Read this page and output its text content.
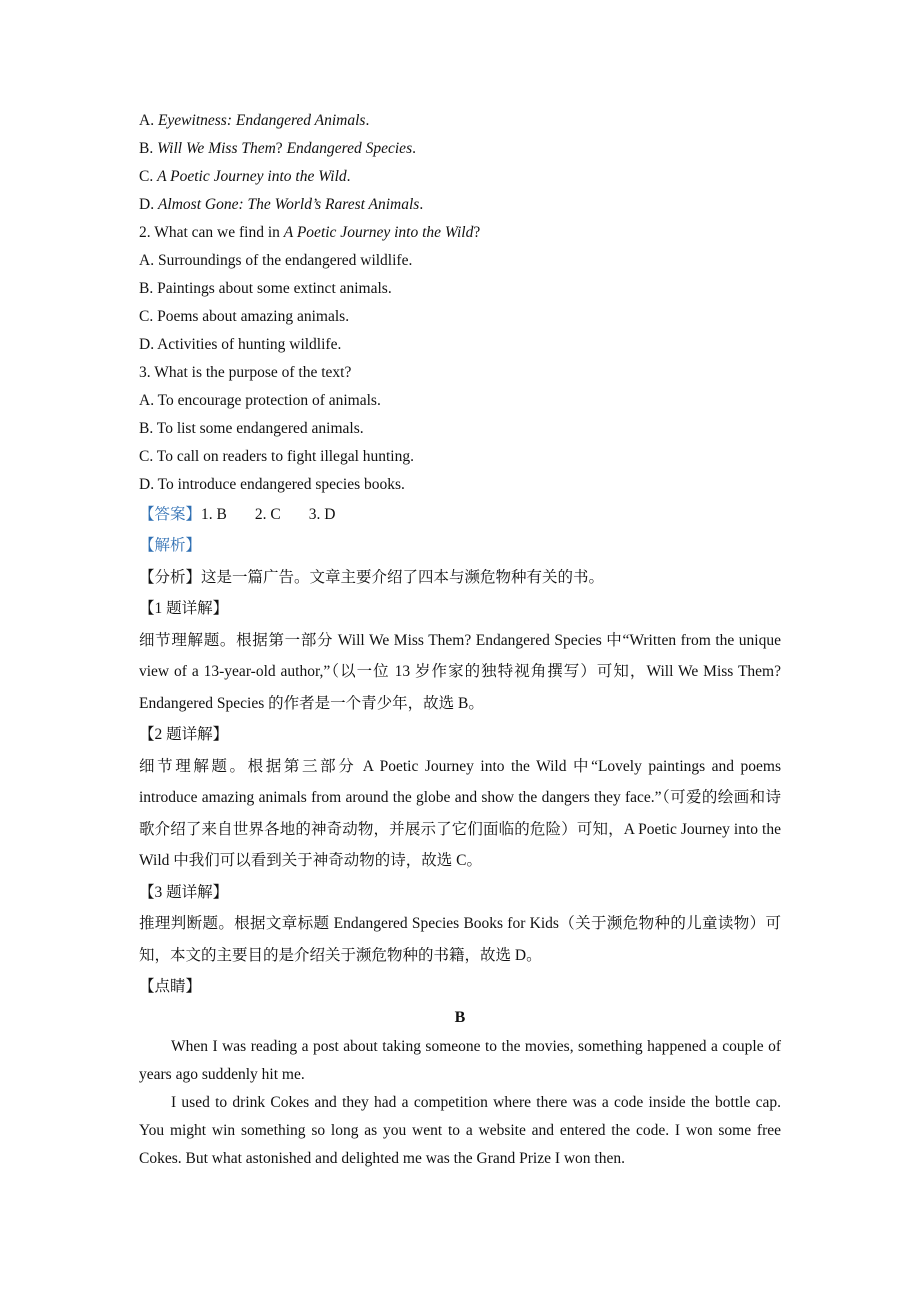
A. Eyewitness: Endangered Animals.
B. Will We Miss Them? Endangered Species.
C. A Poetic Journey into the Wild.
D. Almost Gone: The World’s Rarest Animals.
2. What can we find in A Poetic Journey into the Wild?
A. Surroundings of the endangered wildlife.
B. Paintings about some extinct animals.
C. Poems about amazing animals.
D. Activities of hunting wildlife.
3. What is the purpose of the text?
A. To encourage protection of animals.
B. To list some endangered animals.
C. To call on readers to fight illegal hunting.
D. To introduce endangered species books.
【答案】1. B 2. C 3. D
【解析】
【分析】这是一篇广告。文章主要介绍了四本与濒危物种有关的书。
【1 题详解】
细节理解题。根据第一部分 Will We Miss Them? Endangered Species 中“Written from the unique view of a 13-year-old author,”（以一位 13 岁作家的独特视角撰写）可知，Will We Miss Them? Endangered Species 的作者是一个青少年，故选 B。
【2 题详解】
细节理解题。根据第三部分 A Poetic Journey into the Wild 中“Lovely paintings and poems introduce amazing animals from around the globe and show the dangers they face.”（可爱的绘画和诗歌介绍了来自世界各地的神奇动物，并展示了它们面临的危险）可知，A Poetic Journey into the Wild 中我们可以看到关于神奇动物的诗，故选 C。
【3 题详解】
推理判断题。根据文章标题 Endangered Species Books for Kids（关于濒危物种的儿童读物）可知，本文的主要目的是介绍关于濒危物种的书籍，故选 D。
【点睛】
B
When I was reading a post about taking someone to the movies, something happened a couple of years ago suddenly hit me.
I used to drink Cokes and they had a competition where there was a code inside the bottle cap. You might win something so long as you went to a website and entered the code. I won some free Cokes. But what astonished and delighted me was the Grand Prize I won then.
